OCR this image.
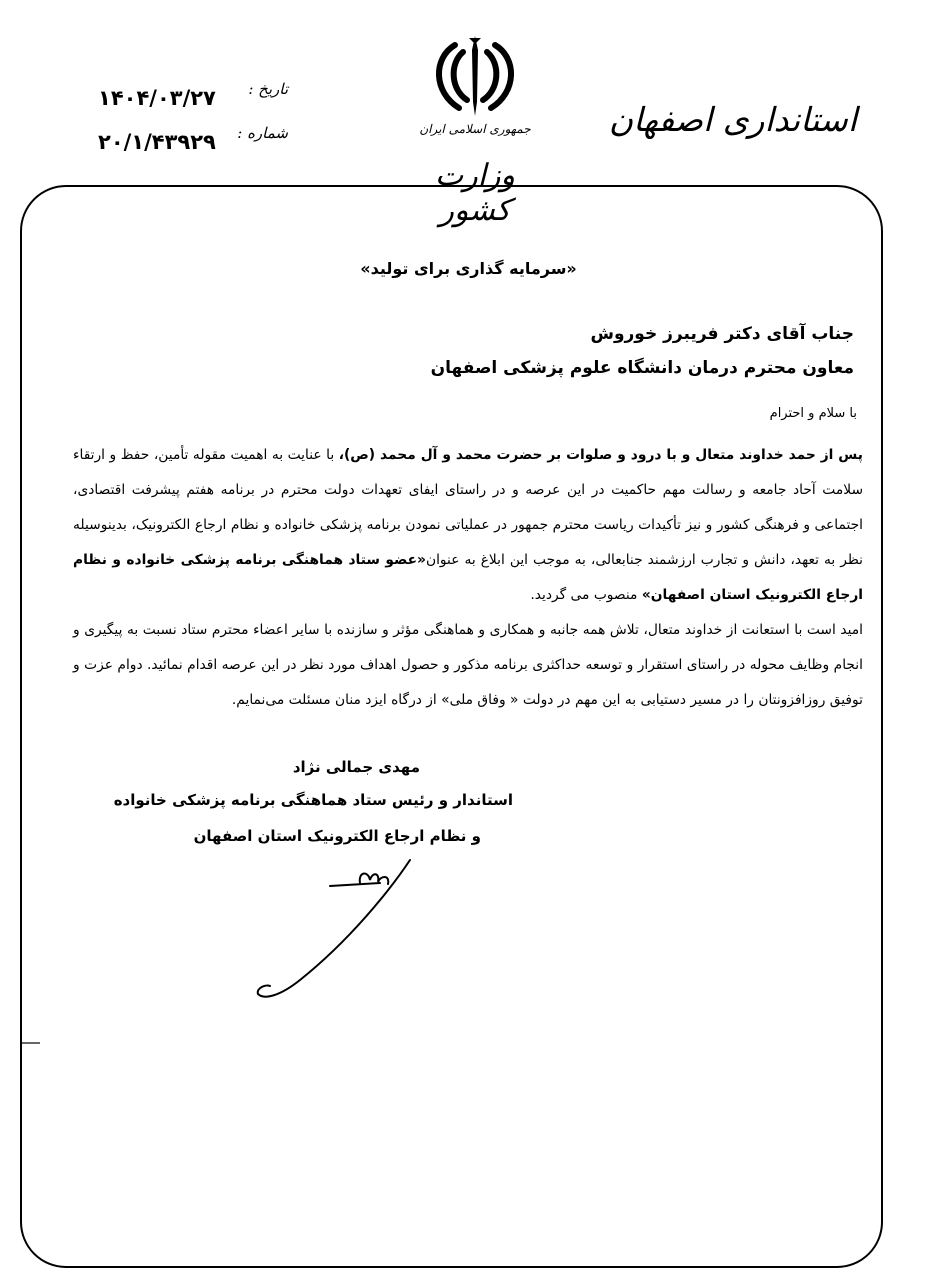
۱۴۰۴/۰۳/۲۷ تاریخ :
۲۰/۱/۴۳۹۲۹ شماره :	جمهوری اسلامی ایران
وزارت کشور
استانداری اصفهان
«سرمایه گذاری برای تولید»
جناب آقای دکتر فریبرز خوروش
معاون محترم درمان دانشگاه علوم پزشکی اصفهان
با سلام و احترام

پس از حمد خداوند متعال و با درود و صلوات بر حضرت محمد و آل محمد (ص)، با عنایت به اهمیت مقوله تأمین، حفظ و ارتقاء سلامت آحاد جامعه و رسالت مهم حاکمیت در این عرصه و در راستای ایفای تعهدات دولت محترم در برنامه هفتم پیشرفت اقتصادی، اجتماعی و فرهنگی کشور و نیز تأکیدات ریاست محترم جمهور در عملیاتی نمودن برنامه پزشکی خانواده و نظام ارجاع الکترونیک، بدینوسیله نظر به تعهد، دانش و تجارب ارزشمند جنابعالی، به موجب این ابلاغ به عنوان«عضو ستاد هماهنگی برنامه پزشکی خانواده و نظام ارجاع الکترونیک استان اصفهان» منصوب می گردید.

امید است با استعانت از خداوند متعال، تلاش همه جانبه و همکاری و هماهنگی مؤثر و سازنده با سایر اعضاء محترم ستاد نسبت به پیگیری و انجام وظایف محوله در راستای استقرار و توسعه حداکثری برنامه مذکور و حصول اهداف مورد نظر در این عرصه اقدام نمائید. دوام عزت و توفیق روزافزونتان را در مسیر دستیابی به این مهم در دولت « وفاق ملی» از درگاه ایزد منان مسئلت می‌نمایم.

مهدی جمالی نژاد
استاندار و رئیس ستاد هماهنگی برنامه پزشکی خانواده
و نظام ارجاع الکترونیک استان اصفهان
